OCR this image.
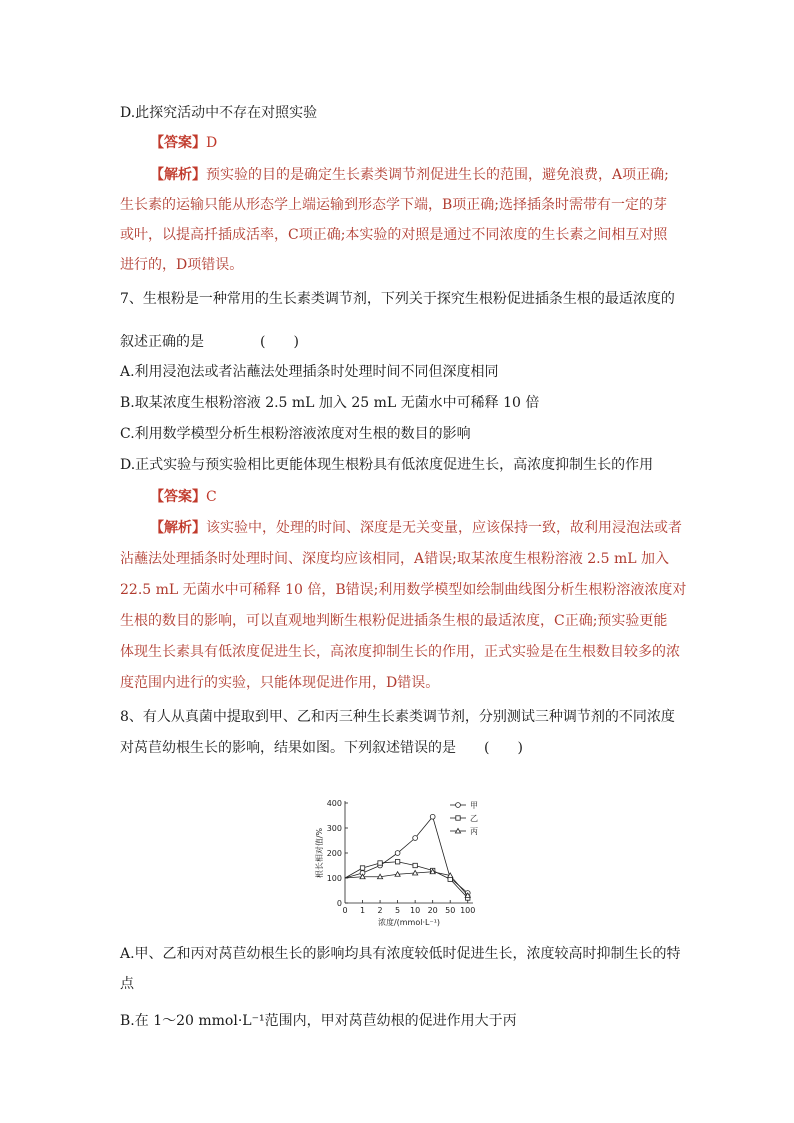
D.此探究活动中不存在对照实验
【答案】D
【解析】预实验的目的是确定生长素类调节剂促进生长的范围，避免浪费，A项正确;
生长素的运输只能从形态学上端运输到形态学下端，B项正确;选择插条时需带有一定的芽
或叶，以提高扦插成活率，C项正确;本实验的对照是通过不同浓度的生长素之间相互对照
进行的，D项错误。
7、生根粉是一种常用的生长素类调节剂，下列关于探究生根粉促进插条生根的最适浓度的
叙述正确的是　　　　(　　)
A.利用浸泡法或者沾蘸法处理插条时处理时间不同但深度相同
B.取某浓度生根粉溶液 2.5 mL 加入 25 mL 无菌水中可稀释 10 倍
C.利用数学模型分析生根粉溶液浓度对生根的数目的影响
D.正式实验与预实验相比更能体现生根粉具有低浓度促进生长，高浓度抑制生长的作用
【答案】C
【解析】该实验中，处理的时间、深度是无关变量，应该保持一致，故利用浸泡法或者
沾蘸法处理插条时处理时间、深度均应该相同，A错误;取某浓度生根粉溶液 2.5 mL 加入
22.5 mL 无菌水中可稀释 10 倍，B错误;利用数学模型如绘制曲线图分析生根粉溶液浓度对
生根的数目的影响，可以直观地判断生根粉促进插条生根的最适浓度，C正确;预实验更能
体现生长素具有低浓度促进生长，高浓度抑制生长的作用，正式实验是在生根数目较多的浓
度范围内进行的实验，只能体现促进作用，D错误。
8、有人从真菌中提取到甲、乙和丙三种生长素类调节剂，分别测试三种调节剂的不同浓度
对莴苣幼根生长的影响，结果如图。下列叙述错误的是　　(　　)
A.甲、乙和丙对莴苣幼根生长的影响均具有浓度较低时促进生长，浓度较高时抑制生长的特
点
B.在 1～20 mmol·L⁻¹范围内，甲对莴苣幼根的促进作用大于丙
0
100
200
300
400
0 1 2 5 10 20 50 100
浓度/(mmol·L⁻¹)
根长相对值/%
甲
乙
丙
